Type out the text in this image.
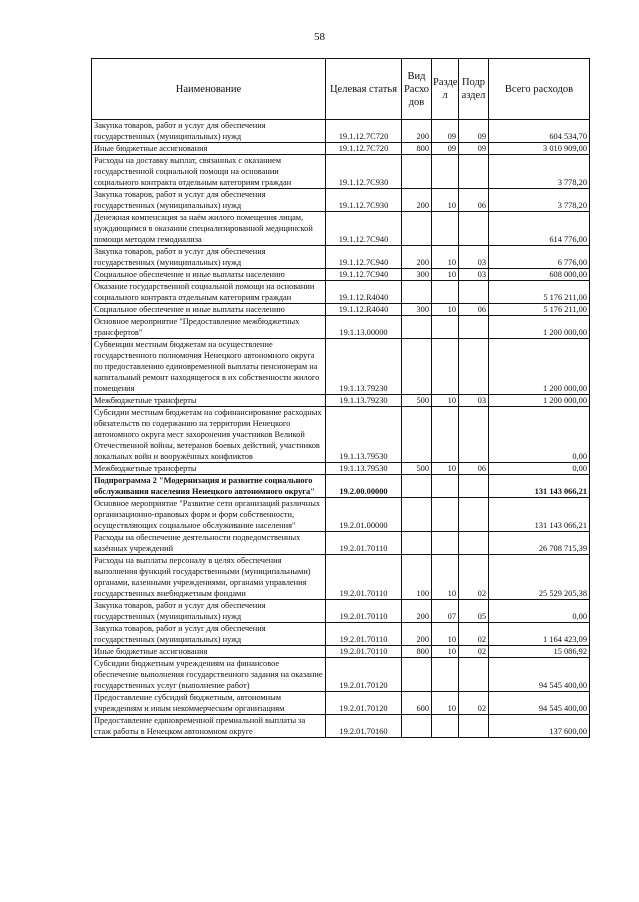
58
Наименование	Целевая статья	Вид Расхо дов	Разде л	Подр аздел	Всего расходов
Закупка товаров, работ и услуг для обеспечения государственных (муниципальных) нужд	19.1.12.7C720	200	09	09	604 534,70
Иные бюджетные ассигнования	19.1.12.7C720	800	09	09	3 010 909,00
Расходы на доставку выплат, связанных с оказанием государственной социальной помощи на основании социального контракта отдельным категориям граждан	19.1.12.7C930				3 778,20
Закупка товаров, работ и услуг для обеспечения государственных (муниципальных) нужд	19.1.12.7C930	200	10	06	3 778,20
Денежная компенсация за наём жилого помещения лицам, нуждающимся в оказании специализированной медицинской помощи методом гемодиализа	19.1.12.7C940				614 776,00
Закупка товаров, работ и услуг для обеспечения государственных (муниципальных) нужд	19.1.12.7C940	200	10	03	6 776,00
Социальное обеспечение и иные выплаты населению	19.1.12.7C940	300	10	03	608 000,00
Оказание государственной социальной помощи на основании социального контракта отдельным категориям граждан	19.1.12.R4040				5 176 211,00
Социальное обеспечение и иные выплаты населению	19.1.12.R4040	300	10	06	5 176 211,00
Основное мероприятие "Предоставление межбюджетных трансфертов"	19.1.13.00000				1 200 000,00
Субвенции местным бюджетам на осуществление государственного полномочия Ненецкого автономного округа по предоставлению единовременной выплаты пенсионерам на капитальный ремонт находящегося в их собственности жилого помещения	19.1.13.79230				1 200 000,00
Межбюджетные трансферты	19.1.13.79230	500	10	03	1 200 000,00
Субсидии местным бюджетам на софинансирование расходных обязательств по содержанию на территории Ненецкого автономного округа мест захоронения участников Великой Отечественной войны, ветеранов боевых действий, участников локальных войн и вооружённых конфликтов	19.1.13.79530				0,00
Межбюджетные трансферты	19.1.13.79530	500	10	06	0,00
Подпрограмма 2 "Модернизация и развитие социального обслуживания населения Ненецкого автономного округа"	19.2.00.00000				131 143 066,21
Основное мероприятие "Развитие сети организаций различных организационно-правовых форм и форм собственности, осуществляющих социальное обслуживание населения"	19.2.01.00000				131 143 066,21
Расходы на обеспечение деятельности подведомственных казённых учреждений	19.2.01.70110				26 708 715,39
Расходы на выплаты персоналу в целях обеспечения выполнения функций государственными (муниципальными) органами, казенными учреждениями, органами управления государственных внебюджетным фондами	19.2.01.70110	100	10	02	25 529 205,38
Закупка товаров, работ и услуг для обеспечения государственных (муниципальных) нужд	19.2.01.70110	200	07	05	0,00
Закупка товаров, работ и услуг для обеспечения государственных (муниципальных) нужд	19.2.01.70110	200	10	02	1 164 423,09
Иные бюджетные ассигнования	19.2.01.70110	800	10	02	15 086,92
Субсидии бюджетным учреждениям на финансовое обеспечение выполнения государственного задания на оказание государственных услуг (выполнение работ)	19.2.01.70120				94 545 400,00
Предоставление субсидий бюджетным, автономным учреждениям и иным некоммерческим организациям	19.2.01.70120	600	10	02	94 545 400,00
Предоставление единовременной премиальной выплаты за стаж работы в Ненецком автономном округе	19.2.01.70160				137 600,00
